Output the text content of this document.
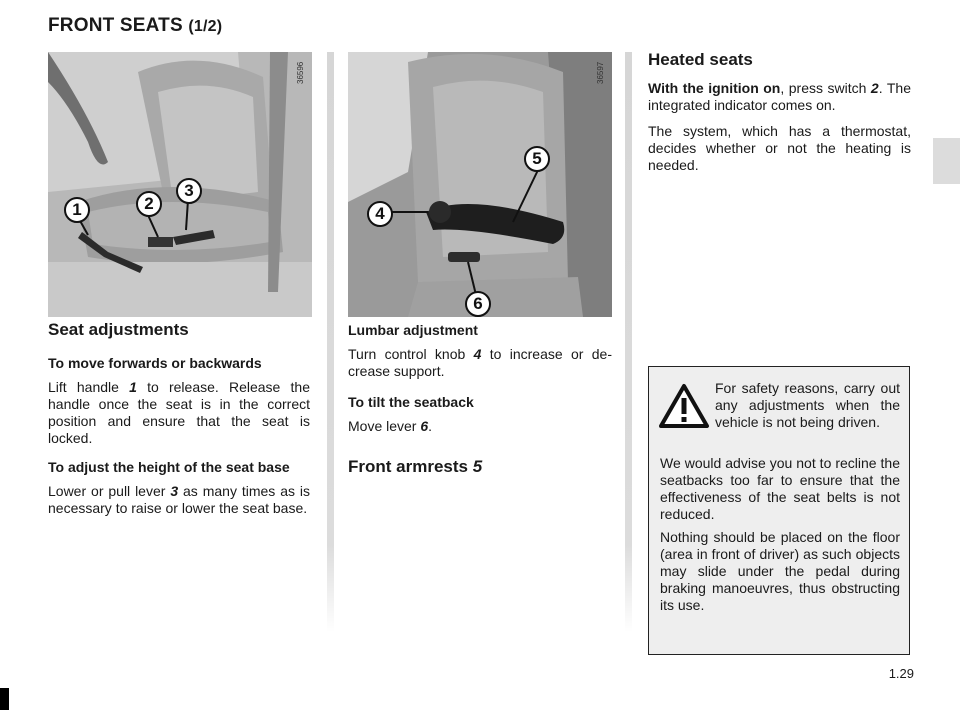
FRONT SEATS (1/2)
36596
1	2
3
36597
4
5
6
Seat adjustments
To move forwards or backwards
Lift handle 1 to release. Release the handle once the seat is in the correct position and ensure that the seat is locked.
To adjust the height of the seat base
Lower or pull lever 3 as many times as is necessary to raise or lower the seat base.
Lumbar adjustment
Turn control knob 4 to increase or de-crease support.
To tilt the seatback
Move lever 6.
Front armrests 5
Heated seats
With the ignition on, press switch 2. The integrated indicator comes on.
The system, which has a thermostat, decides whether or not the heating is needed.
For safety reasons, carry out any adjustments when the vehicle is not being driven.
We would advise you not to recline the seatbacks too far to ensure that the effectiveness of the seat belts is not reduced.
Nothing should be placed on the floor (area in front of driver) as such objects may slide under the pedal during braking manoeuvres, thus obstructing its use.
1.29
